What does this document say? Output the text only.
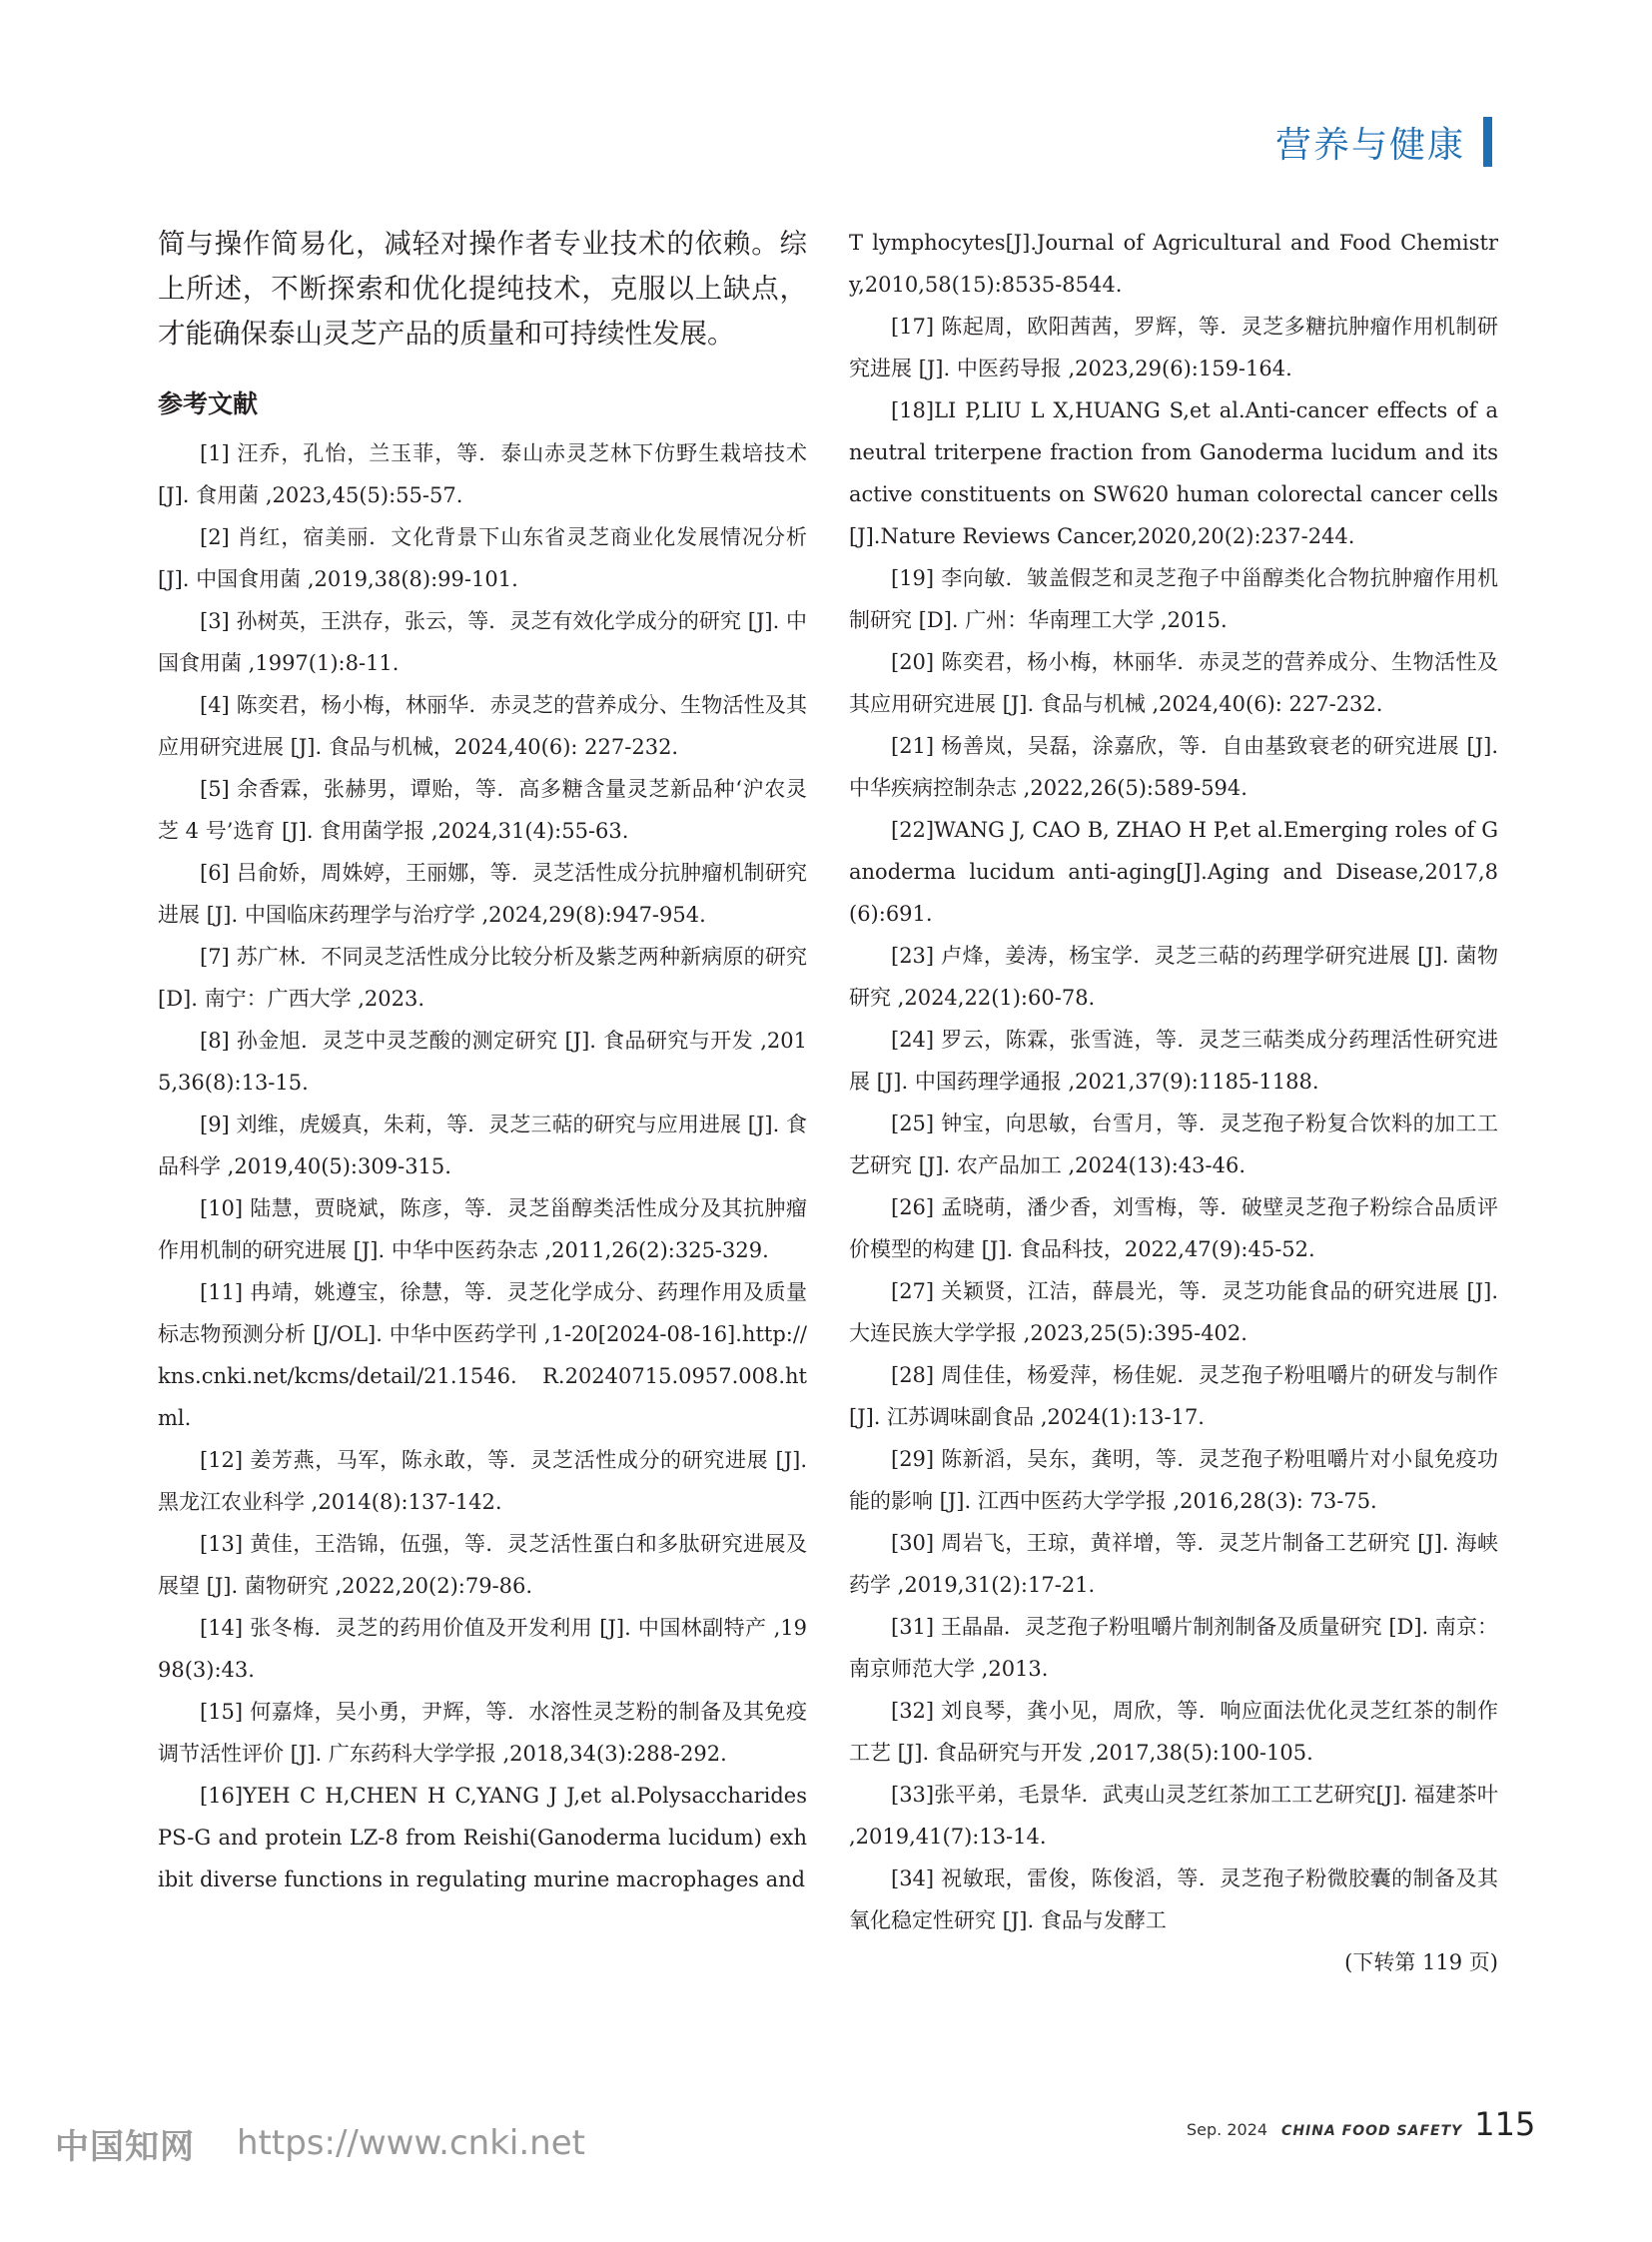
营养与健康

简与操作简易化，减轻对操作者专业技术的依赖。综上所述，不断探索和优化提纯技术，克服以上缺点，才能确保泰山灵芝产品的质量和可持续性发展。

参考文献

[1] 汪乔，孔怡，兰玉菲，等．泰山赤灵芝林下仿野生栽培技术 [J]. 食用菌 ,2023,45(5):55-57.

[2] 肖红，宿美丽．文化背景下山东省灵芝商业化发展情况分析 [J]. 中国食用菌 ,2019,38(8):99-101.

[3] 孙树英，王洪存，张云，等．灵芝有效化学成分的研究 [J]. 中国食用菌 ,1997(1):8-11.

[4] 陈奕君，杨小梅，林丽华．赤灵芝的营养成分、生物活性及其应用研究进展 [J]. 食品与机械，2024,40(6): 227-232.

[5] 余香霖，张赫男，谭贻，等．高多糖含量灵芝新品种‘沪农灵芝 4 号’选育 [J]. 食用菌学报 ,2024,31(4):55-63.

[6] 吕俞娇，周姝婷，王丽娜，等．灵芝活性成分抗肿瘤机制研究进展 [J]. 中国临床药理学与治疗学 ,2024,29(8):947-954.

[7] 苏广林．不同灵芝活性成分比较分析及紫芝两种新病原的研究 [D]. 南宁：广西大学 ,2023.

[8] 孙金旭．灵芝中灵芝酸的测定研究 [J]. 食品研究与开发 ,2015,36(8):13-15.

[9] 刘维，虎媛真，朱莉，等．灵芝三萜的研究与应用进展 [J]. 食品科学 ,2019,40(5):309-315.

[10] 陆慧，贾晓斌，陈彦，等．灵芝甾醇类活性成分及其抗肿瘤作用机制的研究进展 [J]. 中华中医药杂志 ,2011,26(2):325-329.

[11] 冉靖，姚遵宝，徐慧，等．灵芝化学成分、药理作用及质量标志物预测分析 [J/OL]. 中华中医药学刊 ,1-20[2024-08-16].http://kns.cnki.net/kcms/detail/21.1546. R.20240715.0957.008.html.

[12] 姜芳燕，马军，陈永敢，等．灵芝活性成分的研究进展 [J]. 黑龙江农业科学 ,2014(8):137-142.

[13] 黄佳，王浩锦，伍强，等．灵芝活性蛋白和多肽研究进展及展望 [J]. 菌物研究 ,2022,20(2):79-86.

[14] 张冬梅．灵芝的药用价值及开发利用 [J]. 中国林副特产 ,1998(3):43.

[15] 何嘉烽，吴小勇，尹辉，等．水溶性灵芝粉的制备及其免疫调节活性评价 [J]. 广东药科大学学报 ,2018,34(3):288-292.

[16]YEH C H,CHEN H C,YANG J J,et al.Polysaccharides PS-G and protein LZ-8 from Reishi(Ganoderma lucidum) exhibit diverse functions in regulating murine macrophages and

T lymphocytes[J].Journal of Agricultural and Food Chemistry,2010,58(15):8535-8544.

[17] 陈起周，欧阳茜茜，罗辉，等．灵芝多糖抗肿瘤作用机制研究进展 [J]. 中医药导报 ,2023,29(6):159-164.

[18]LI P,LIU L X,HUANG S,et al.Anti-cancer effects of a neutral triterpene fraction from Ganoderma lucidum and its active constituents on SW620 human colorectal cancer cells[J].Nature Reviews Cancer,2020,20(2):237-244.

[19] 李向敏．皱盖假芝和灵芝孢子中甾醇类化合物抗肿瘤作用机制研究 [D]. 广州：华南理工大学 ,2015.

[20] 陈奕君，杨小梅，林丽华．赤灵芝的营养成分、生物活性及其应用研究进展 [J]. 食品与机械 ,2024,40(6): 227-232.

[21] 杨善岚，吴磊，涂嘉欣，等．自由基致衰老的研究进展 [J]. 中华疾病控制杂志 ,2022,26(5):589-594.

[22]WANG J, CAO B, ZHAO H P,et al.Emerging roles of Ganoderma lucidum anti-aging[J].Aging and Disease,2017,8(6):691.

[23] 卢烽，姜涛，杨宝学．灵芝三萜的药理学研究进展 [J]. 菌物研究 ,2024,22(1):60-78.

[24] 罗云，陈霖，张雪涟，等．灵芝三萜类成分药理活性研究进展 [J]. 中国药理学通报 ,2021,37(9):1185-1188.

[25] 钟宝，向思敏，台雪月，等．灵芝孢子粉复合饮料的加工工艺研究 [J]. 农产品加工 ,2024(13):43-46.

[26] 孟晓萌，潘少香，刘雪梅，等．破壁灵芝孢子粉综合品质评价模型的构建 [J]. 食品科技，2022,47(9):45-52.

[27] 关颖贤，江洁，薛晨光，等．灵芝功能食品的研究进展 [J]. 大连民族大学学报 ,2023,25(5):395-402.

[28] 周佳佳，杨爱萍，杨佳妮．灵芝孢子粉咀嚼片的研发与制作 [J]. 江苏调味副食品 ,2024(1):13-17.

[29] 陈新滔，吴东，龚明，等．灵芝孢子粉咀嚼片对小鼠免疫功能的影响 [J]. 江西中医药大学学报 ,2016,28(3): 73-75.

[30] 周岩飞，王琼，黄祥增，等．灵芝片制备工艺研究 [J]. 海峡药学 ,2019,31(2):17-21.

[31] 王晶晶．灵芝孢子粉咀嚼片制剂制备及质量研究 [D]. 南京：南京师范大学 ,2013.

[32] 刘良琴，龚小见，周欣，等．响应面法优化灵芝红茶的制作工艺 [J]. 食品研究与开发 ,2017,38(5):100-105.

[33]张平弟，毛景华．武夷山灵芝红茶加工工艺研究[J]. 福建茶叶 ,2019,41(7):13-14.

[34] 祝敏珉，雷俊，陈俊滔，等．灵芝孢子粉微胶囊的制备及其氧化稳定性研究 [J]. 食品与发酵工

(下转第 119 页)

Sep. 2024 CHINA FOOD SAFETY 115
中国知网 https://www.cnki.net
